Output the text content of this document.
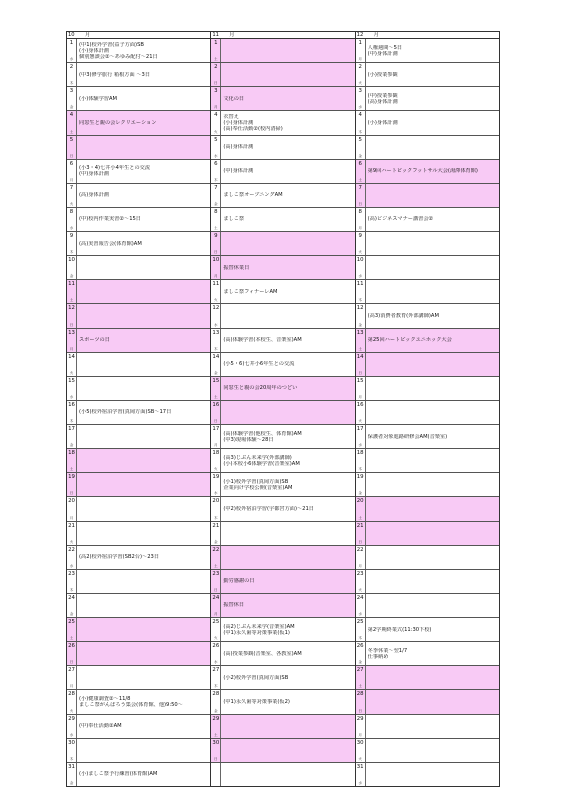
10　　月
1
水
(中1)校外学習(益子方面)SB
(小)身体計測
個別懇談会②〜あゆみ配付〜21日
2
木
(中3)修学旅行 箱根方面 〜3日
3
金
(小)体験学習AM
4
土
同窓生と親の会レクリエーション
5
日
6
月
(小3・4)七井小4年生との交流
(中)身体計測
7
火
(高)身体計測
8
水
(中)校内作業実習②〜15日
9
木
(高)実習報告会(体育館)AM
10
金
11
土
12
日
13
月
スポーツの日
14
火
15
水
16
木
(小5)校外宿泊学習(真岡方面)SB〜17日
17
金
18
土
19
日
20
月
21
火
22
水
(高2)校外宿泊学習(SB2台)〜23日
23
木
24
金
25
土
26
日
27
月
28
火
(小)健康調査②〜11/8
ましこ祭がんばろう集会(体育館、他)9:50〜
29
水
(中)奉仕活動②AM
30
木
31
金
(小)ましこ祭予行練習(体育館)AM
11　　月
1
土
2
日
3
月
文化の日
4
火
衣替え
(小)身体計測
(高)奉仕活動②(校内清掃)
5
水
(高)身体計測
6
木
(中)身体計測
7
金
ましこ祭オープニングAM
8
土
ましこ祭
9
日
10
月
振替休業日
11
火
ましこ祭フィナーレAM
12
水
13
木
(高)体験学習(本校生、音楽室)AM
14
金
(小5・6)七井小6年生との交流
15
土
同窓生と親の会20周年のつどい
16
日
17
月
(高)体験学習(他校生、体育館)AM
(中3)現場体験〜28日
18
火
(高3)じぶん未来学(外部講師)
(小)本校小6体験学習(音楽室)AM
19
水
(小1)校外学習(真岡方面)SB
企業向け学校公開(音楽室)AM
20
木
(中2)校外宿泊学習(宇都宮方面)〜21日
21
金
22
土
23
日
勤労感謝の日
24
月
振替休日
25
火
(高2)じぶん未来学(音楽室)AM
(中1)永久歯等対策事業(仮1)
26
水
(高)授業参観(音楽室、各教室)AM
27
木
(小2)校外学習(真岡方面)SB
28
金
(中1)永久歯等対策事業(仮2)
29
土
30
日
12　　月
1
月
人権週間〜5日
(中)身体計測
2
火
(小)授業参観
3
水
(中)授業参観
(高)身体計測
4
木
(小)身体計測
5
金
6
土
第9回ハートピックフットサル大会(湯澤体育館)
7
日
8
月
(高)ビジネスマナー講習会②
9
火
10
水
11
木
12
金
(高3)消費者教育(外部講師)AM
13
土
第25回ハートピックユニホック大会
14
日
15
月
16
火
17
水
保護者対象進路研修会AM(音楽室)
18
木
19
金
20
土
21
日
22
月
23
火
24
水
25
木
第2学期終業式(11:30下校)
26
金
冬季休業〜翌1/7
仕事納め
27
土
28
日
29
月
30
火
31
水
